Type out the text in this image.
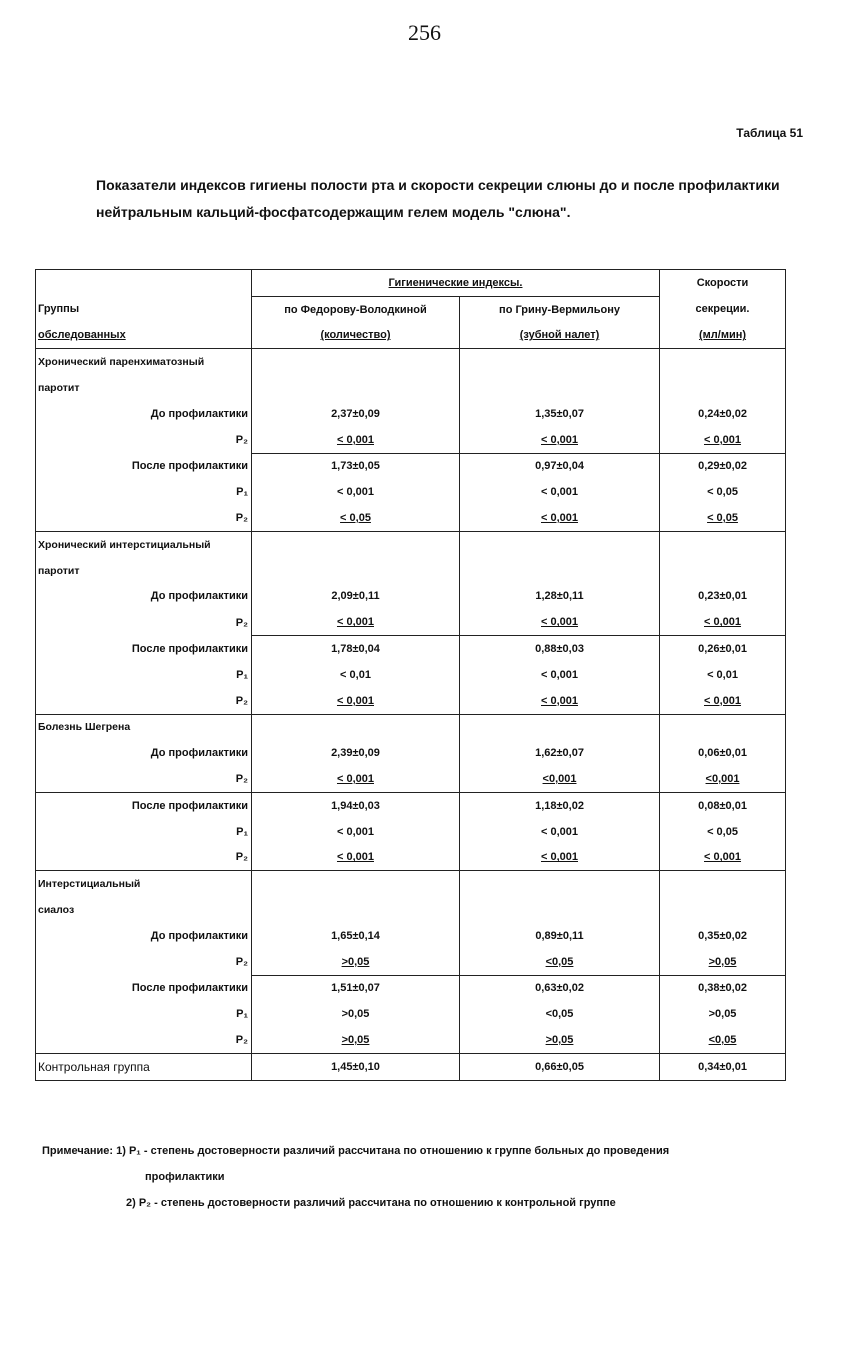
256
Таблица 51
Показатели индексов гигиены полости рта и скорости секреции слюны до и после профилактики нейтральным кальций-фосфатсодержащим гелем модель "слюна".
	Гигиенические индексы.		Скорости
Группы	по Федорову-Володкиной	по Грину-Вермильону	секреции.
обследованных	(количество)	(зубной налет)	(мл/мин)
Хронический паренхиматозный			
паротит			
До профилактики	2,37±0,09	1,35±0,07	0,24±0,02
P₂	< 0,001	< 0,001	< 0,001
После профилактики	1,73±0,05	0,97±0,04	0,29±0,02
P₁	< 0,001	< 0,001	< 0,05
P₂	< 0,05	< 0,001	< 0,05
Хронический интерстициальный			
паротит			
До профилактики	2,09±0,11	1,28±0,11	0,23±0,01
P₂	< 0,001	< 0,001	< 0,001
После профилактики	1,78±0,04	0,88±0,03	0,26±0,01
P₁	< 0,01	< 0,001	< 0,01
P₂	< 0,001	< 0,001	< 0,001
Болезнь Шегрена			
До профилактики	2,39±0,09	1,62±0,07	0,06±0,01
P₂	< 0,001	<0,001	<0,001
После профилактики	1,94±0,03	1,18±0,02	0,08±0,01
P₁	< 0,001	< 0,001	< 0,05
P₂	< 0,001	< 0,001	< 0,001
Интерстициальный			
сиалоз			
До профилактики	1,65±0,14	0,89±0,11	0,35±0,02
P₂	>0,05	<0,05	>0,05
После профилактики	1,51±0,07	0,63±0,02	0,38±0,02
P₁	>0,05	<0,05	>0,05
P₂	>0,05	>0,05	<0,05
Контрольная группа	1,45±0,10	0,66±0,05	0,34±0,01
Примечание: 1) P₁ - степень достоверности различий рассчитана по отношению к группе больных до проведения
профилактики
2) P₂ - степень достоверности различий рассчитана по отношению к контрольной группе
